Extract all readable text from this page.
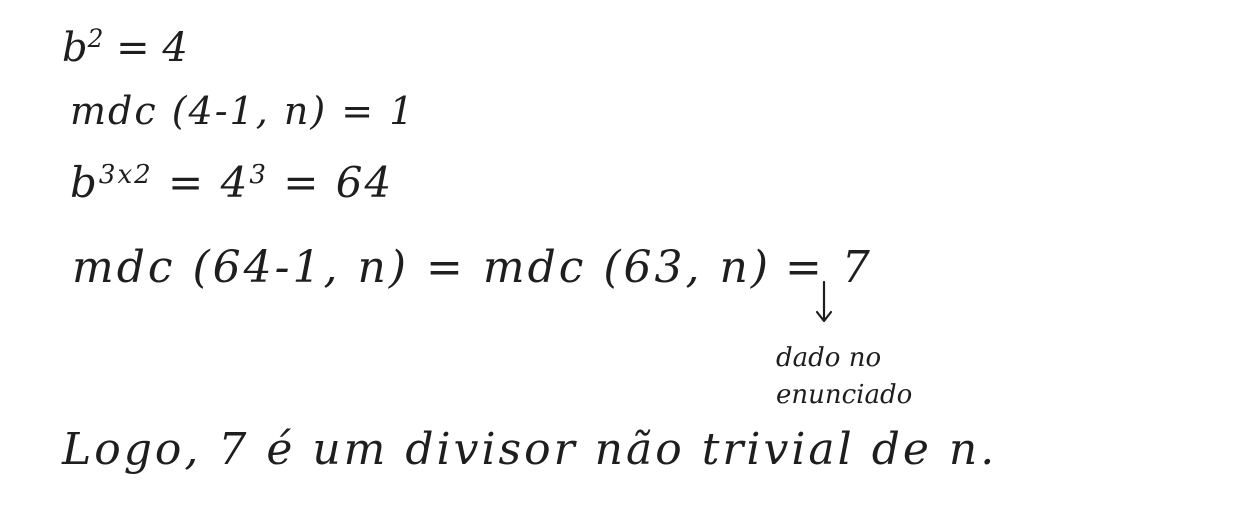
$b^2 = 4$
mdc (4-1, n) = 1
$b^{3x2} = 4^3 = 64$
mdc (64-1, n) = mdc (63, n) = 7
dado no
enunciado
Logo, 7 é um divisor não trivial de n.
